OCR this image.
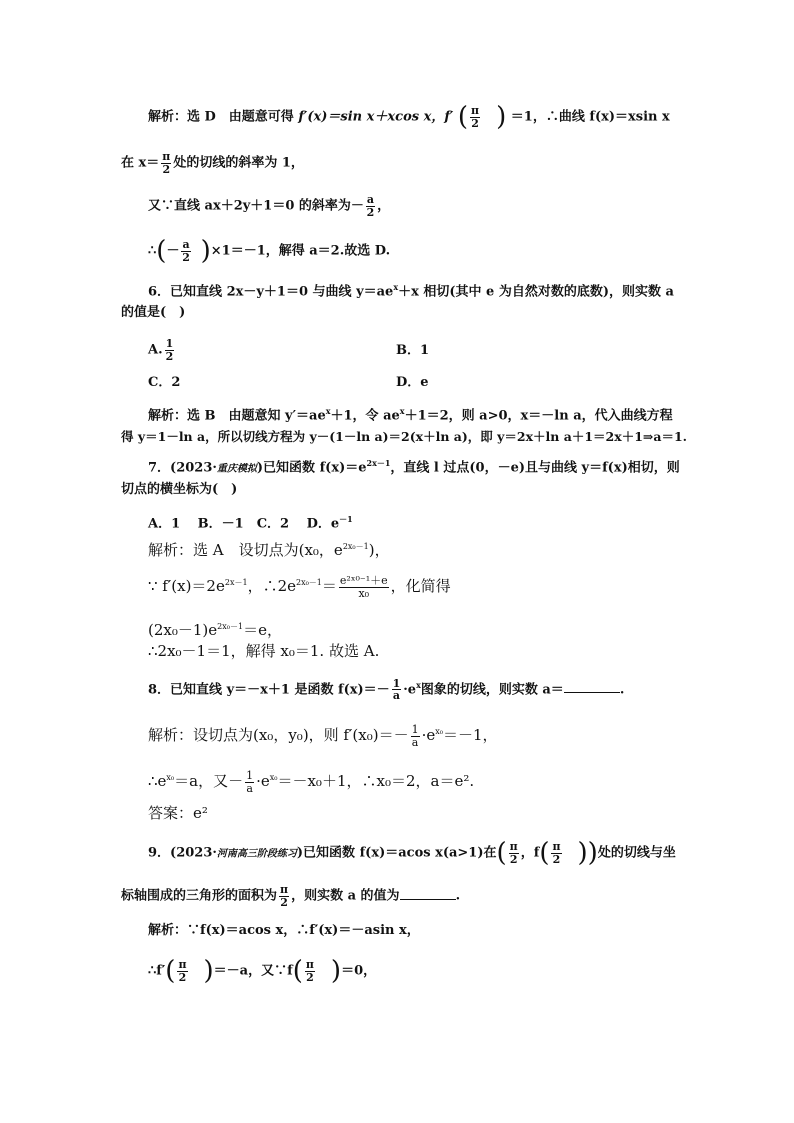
解析：选 D　由题意可得 f′(x)＝sin x＋xcos x，f′ ( $\frac{\pi}{2}$ ) ＝1，∴曲线 f(x)＝xsin x
在 $x= \frac{\pi}{2}$ 处的切线的斜率为 1，
又∵直线 ax＋2y＋1＝0 的斜率为－ $\frac{a}{2}$ ，
∴(－ $\frac{a}{2} )\times 1=-1$，解得 a＝2.故选 D.
6．已知直线 2x－y＋1＝0 与曲线 $y=ae^x+x$ 相切(其中 e 为自然对数的底数)，则实数 a
的值是(　)
A. $\frac{1}{2}$	B．1
C．2	D．e
解析：选 B　由题意知 $y'=ae^x+1$，令 $ae^x+1=2$，则 a>0，x＝－ln a，代入曲线方程
得 y＝1－ln a，所以切线方程为 y－(1－ln a)＝2(x＋ln a)，即 y＝2x＋ln a＋1＝2x＋1⇒a＝1.
7．(2023·重庆模拟)已知函数 $f(x)=e^{2x-1}$，直线 l 过点(0，－e)且与曲线 y＝f(x)相切，则
切点的横坐标为(　)
A．1　 B．－1　C．2　 D．$e^{-1}$
解析：选 A　设切点为(x₀，$e^{2x_0-1}$)，
∵ $f'(x)=2e^{2x-1}$，$\therefore 2e^{2x_0-1}= \frac{\text{e²ˣ⁰⁻¹＋e}}{\text{x₀}}$ ，化简得
$(2x_0-1)e^{2x_0-1}=e$，
∴2x₀－1＝1，解得 x₀＝1. 故选 A.
8．已知直线 y＝－x＋1 是函数 $f(x)=- \frac{1}{a} \cdot e^x$图象的切线，则实数 a＝	.
解析：设切点为(x₀，y₀)，则 $f'(x_0)=- \frac{1}{a} \cdot e^{x_0}=-1$，
$\therefore e^{x_0}=a$，又－ $\frac{1}{a} \cdot e^{x_0}=-x_0+1$，∴x₀＝2，a＝e².
答案：e²
9．(2023·河南高三阶段练习)已知函数 f(x)＝acos x(a>1)在( $\frac{\pi}{2}$ ，$f( \frac{\pi}{2}$ ))处的切线与坐
标轴围成的三角形的面积为 $\frac{\pi}{2}$ ，则实数 a 的值为	.
解析：∵f(x)＝acos x，∴f′(x)＝－asin x，
∴f′( $\frac{\pi}{2} )=-a$，又∵f( $\frac{\pi}{2} )=0$，
